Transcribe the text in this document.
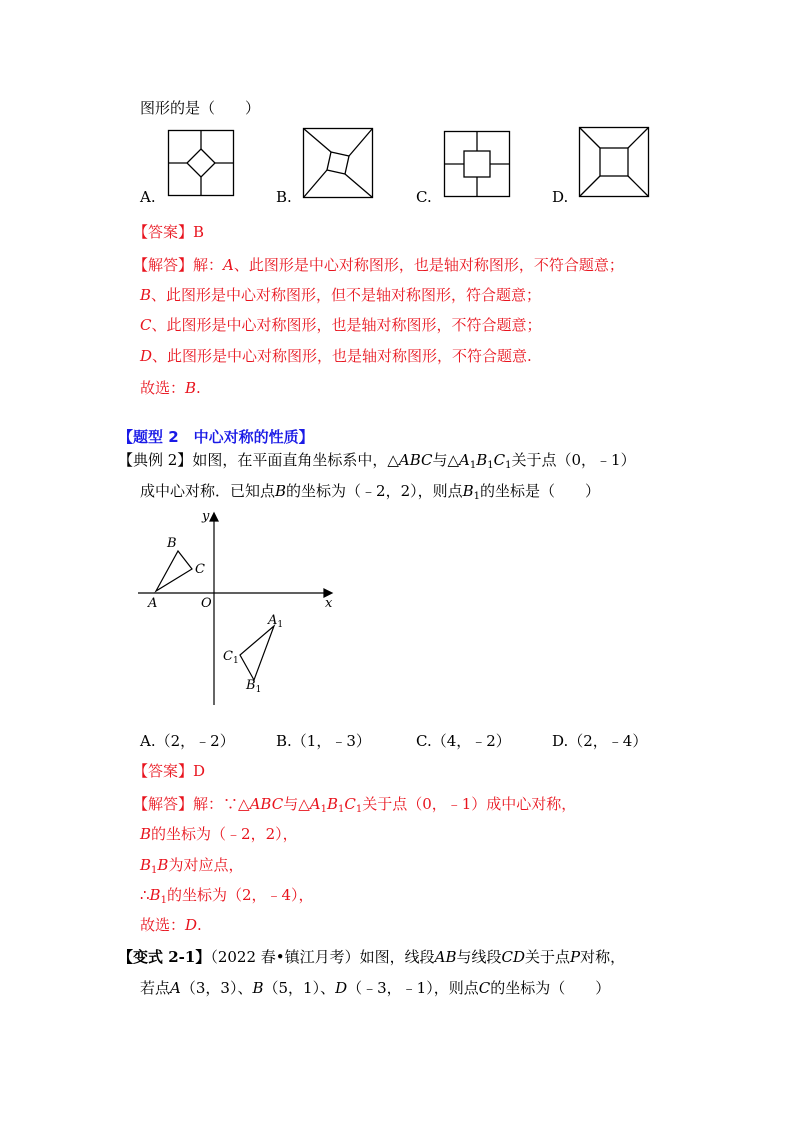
图形的是（　　）
A.	B.	C.	D.
【答案】B
【解答】解：A、此图形是中心对称图形，也是轴对称图形，不符合题意；
B、此图形是中心对称图形，但不是轴对称图形，符合题意；
C、此图形是中心对称图形，也是轴对称图形，不符合题意；
D、此图形是中心对称图形，也是轴对称图形，不符合题意.
故选：B.
【题型 2　中心对称的性质】
【典例 2】如图，在平面直角坐标系中，△ABC与$\triangle A_1B_1C_1$关于点（0，﹣1）
成中心对称．已知点B的坐标为（﹣2，2），则点$B_1$的坐标是（　　）
x
y
O
A
B
C
$A_1$
$C_1$
$B_1$
A.（2，﹣2）	B.（1，﹣3）	C.（4，﹣2）	D.（2，﹣4）
【答案】D
【解答】解：∵△ABC与$\triangle A_1B_1C_1$关于点（0，﹣1）成中心对称，
B的坐标为（﹣2，2），
$B_1B$为对应点，
$\therefore B_1$的坐标为（2，﹣4），
故选：D.
【变式 2-1】（2022 春•镇江月考）如图，线段AB与线段CD关于点P对称，
若点A（3，3）、B（5，1）、D（﹣3，﹣1），则点C的坐标为（　　）
